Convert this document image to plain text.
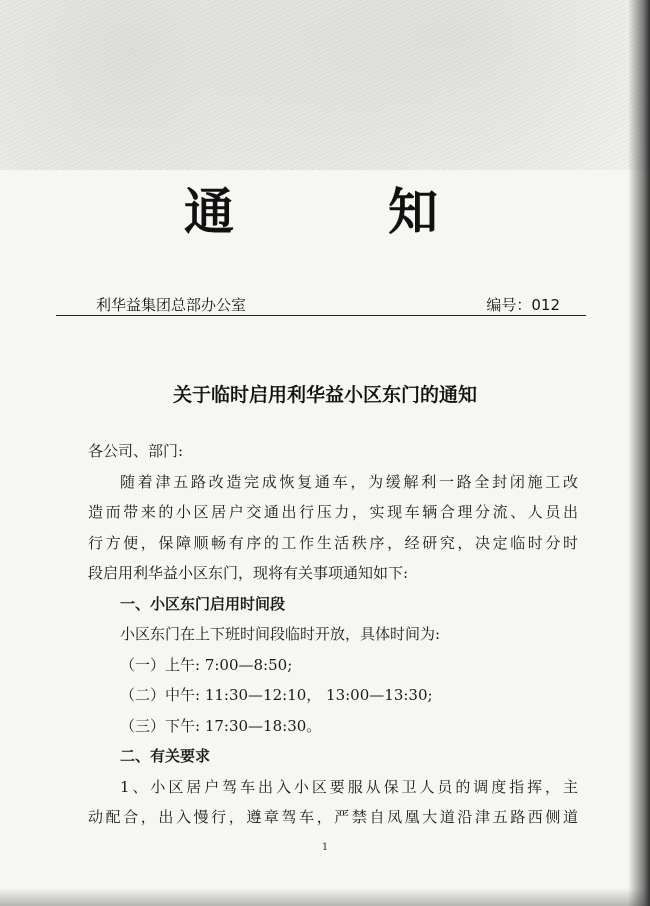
通	知
利华益集团总部办公室	编号：012
关于临时启用利华益小区东门的通知

各公司、部门:

随着津五路改造完成恢复通车，为缓解利一路全封闭施工改

造而带来的小区居户交通出行压力，实现车辆合理分流、人员出

行方便，保障顺畅有序的工作生活秩序，经研究，决定临时分时

段启用利华益小区东门，现将有关事项通知如下:

一、小区东门启用时间段

小区东门在上下班时间段临时开放，具体时间为:

（一）上午: 7:00—8:50;

（二）中午: 11:30—12:10， 13:00—13:30;

（三）下午: 17:30—18:30。

二、有关要求

1、小区居户驾车出入小区要服从保卫人员的调度指挥，主

动配合，出入慢行，遵章驾车，严禁自凤凰大道沿津五路西侧道

1
